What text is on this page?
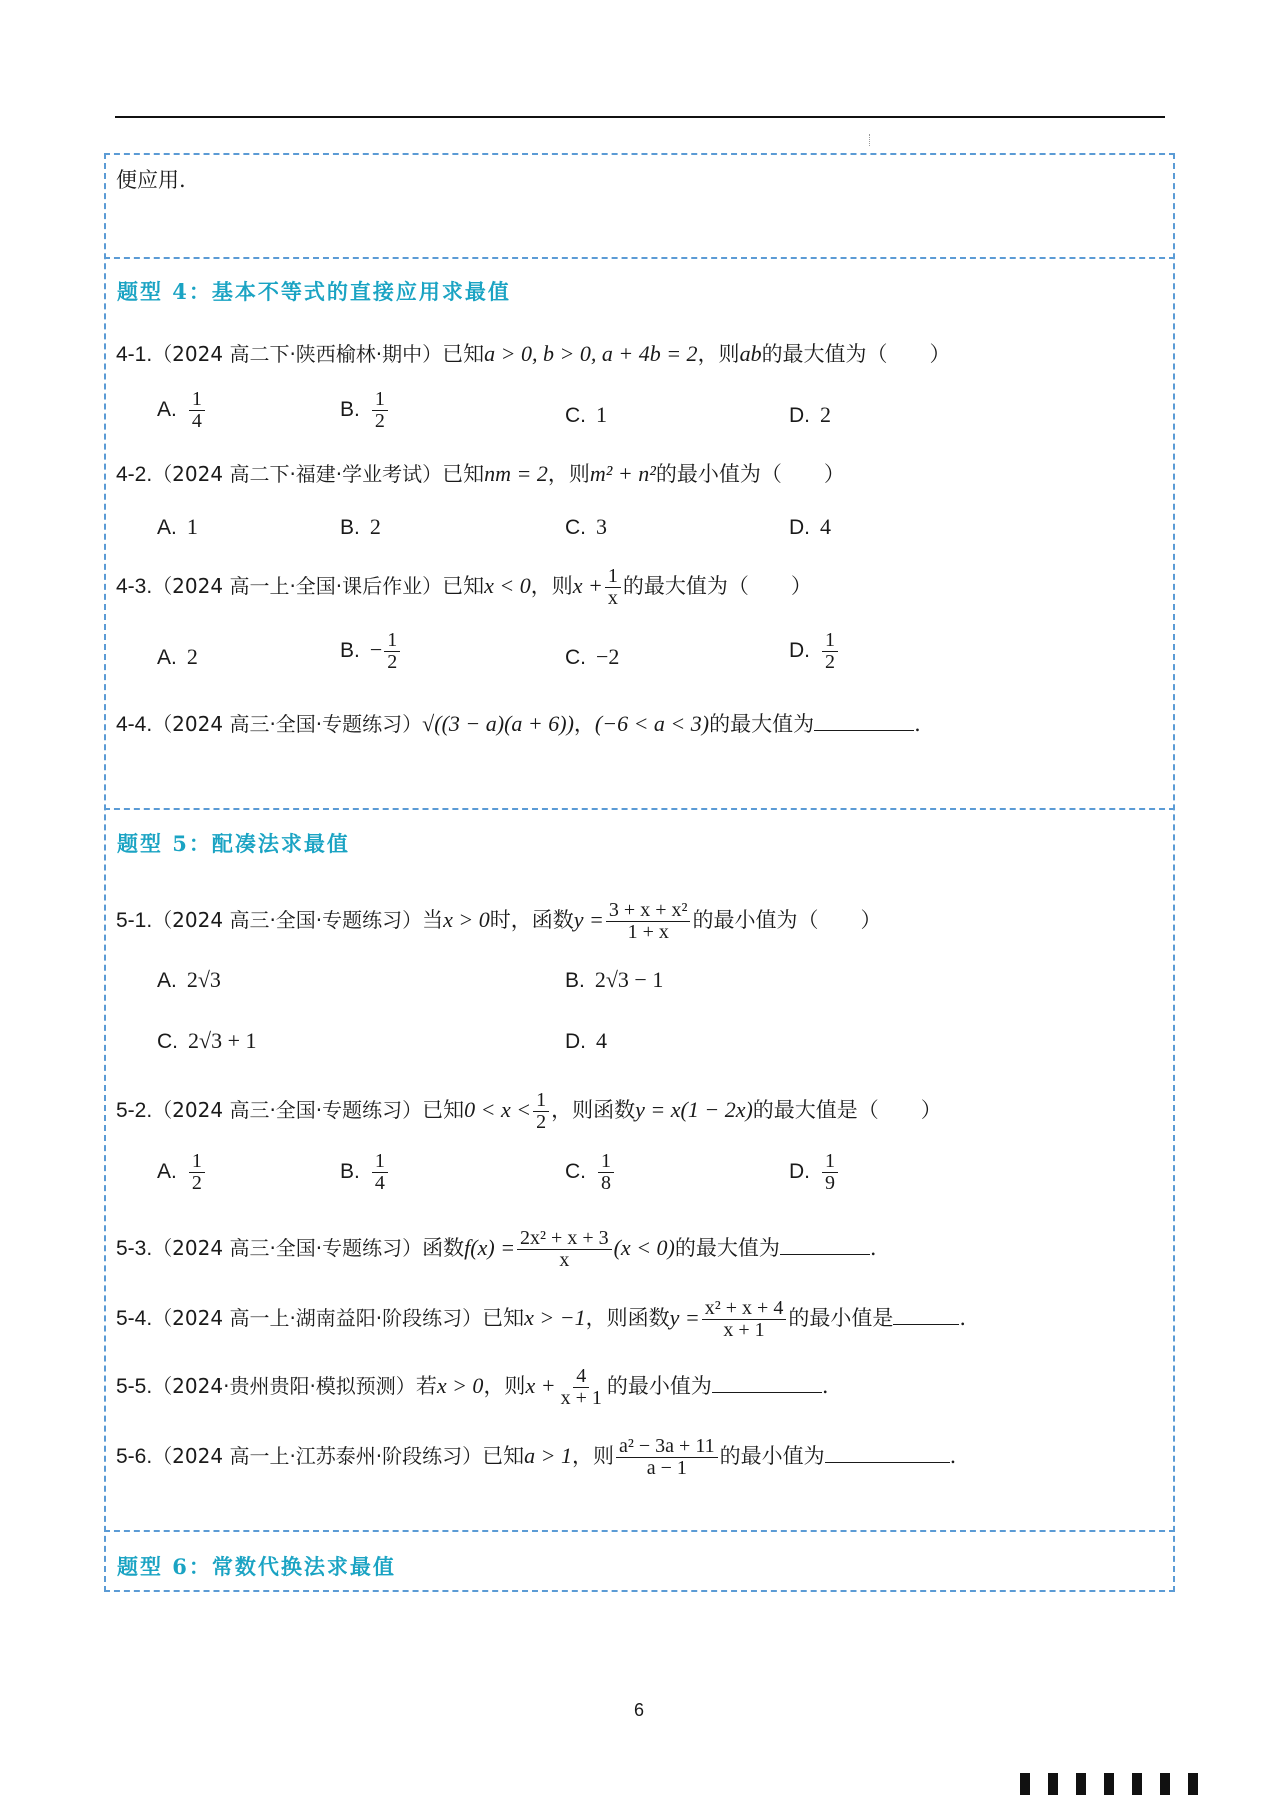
便应用.
题型 4：基本不等式的直接应用求最值
4-1.（2024 高二下·陕西榆林·期中）已知a > 0, b > 0, a + 4b = 2，则ab的最大值为（　　）
A. $\frac{1}{4}$	B. $\frac{1}{2}$	C. 1	D. 2
4-2.（2024 高二下·福建·学业考试）已知nm = 2，则m² + n²的最小值为（　　）
A. 1	B. 2	C. 3	D. 4
4-3.（2024 高一上·全国·课后作业）已知x < 0，则$x + \frac{1}{x}$ 的最大值为（　　）
A. 2	B. − $\frac{1}{2}$	C. −2	D. $\frac{1}{2}$
4-4.（2024 高三·全国·专题练习）√((3 − a)(a + 6))，(−6 < a < 3)的最大值为	.
题型 5：配凑法求最值
5-1.（2024 高三·全国·专题练习）当x > 0时，函数$y = \frac{\text{3 + x + x²}}{1 + x}$ 的最小值为（　　）
A. 2√3	B. 2√3 − 1
C. 2√3 + 1	D. 4
5-2.（2024 高三·全国·专题练习）已知$0 < x < \frac{1}{2}$ ，则函数y = x(1 − 2x)的最大值是（　　）
A. $\frac{1}{2}$	B. $\frac{1}{4}$	C. $\frac{1}{8}$	D. $\frac{1}{9}$
5-3.（2024 高三·全国·专题练习）函数$f(x) = \frac{\text{2x² + x + 3}}{x} (x < 0)$的最大值为	.
5-4.（2024 高一上·湖南益阳·阶段练习）已知x > −1，则函数$y = \frac{\text{x² + x + 4}}{x + 1}$ 的最小值是	.
5-5.（2024·贵州贵阳·模拟预测）若x > 0，则$x + \frac{4}{x + 1}$ 的最小值为	.
5-6.（2024 高一上·江苏泰州·阶段练习）已知a > 1，则 $\frac{\text{a² − 3a + 11}}{a - 1}$ 的最小值为	.
题型 6：常数代换法求最值
6
